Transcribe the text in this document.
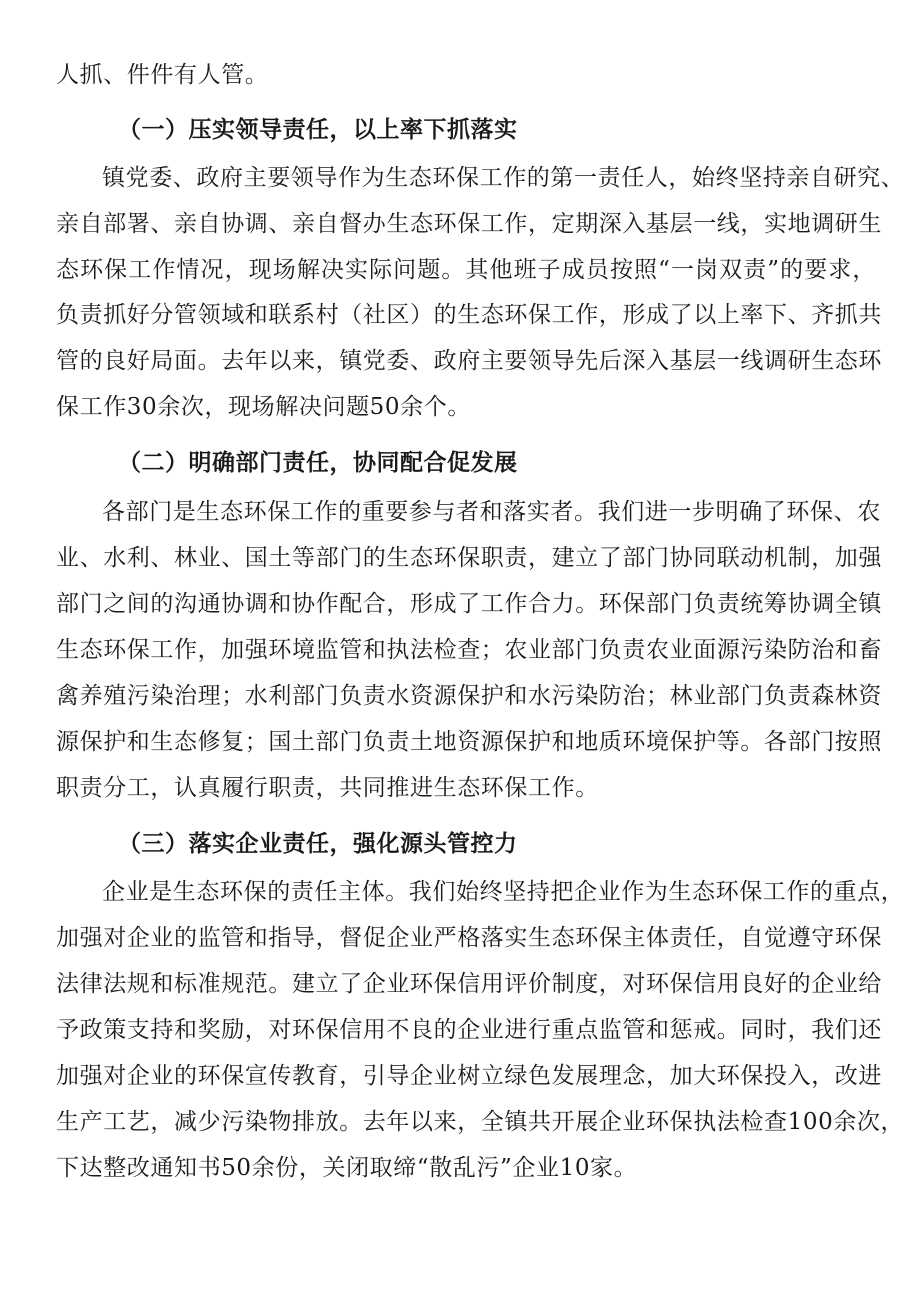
人抓、件件有人管。
（一）压实领导责任，以上率下抓落实
镇党委、政府主要领导作为生态环保工作的第一责任人，始终坚持亲自研究、
亲自部署、亲自协调、亲自督办生态环保工作，定期深入基层一线，实地调研生
态环保工作情况，现场解决实际问题。其他班子成员按照“一岗双责”的要求，
负责抓好分管领域和联系村（社区）的生态环保工作，形成了以上率下、齐抓共
管的良好局面。去年以来，镇党委、政府主要领导先后深入基层一线调研生态环
保工作30余次，现场解决问题50余个。
（二）明确部门责任，协同配合促发展
各部门是生态环保工作的重要参与者和落实者。我们进一步明确了环保、农
业、水利、林业、国土等部门的生态环保职责，建立了部门协同联动机制，加强
部门之间的沟通协调和协作配合，形成了工作合力。环保部门负责统筹协调全镇
生态环保工作，加强环境监管和执法检查；农业部门负责农业面源污染防治和畜
禽养殖污染治理；水利部门负责水资源保护和水污染防治；林业部门负责森林资
源保护和生态修复；国土部门负责土地资源保护和地质环境保护等。各部门按照
职责分工，认真履行职责，共同推进生态环保工作。
（三）落实企业责任，强化源头管控力
企业是生态环保的责任主体。我们始终坚持把企业作为生态环保工作的重点，
加强对企业的监管和指导，督促企业严格落实生态环保主体责任，自觉遵守环保
法律法规和标准规范。建立了企业环保信用评价制度，对环保信用良好的企业给
予政策支持和奖励，对环保信用不良的企业进行重点监管和惩戒。同时，我们还
加强对企业的环保宣传教育，引导企业树立绿色发展理念，加大环保投入，改进
生产工艺，减少污染物排放。去年以来，全镇共开展企业环保执法检查100余次，
下达整改通知书50余份，关闭取缔“散乱污”企业10家。
